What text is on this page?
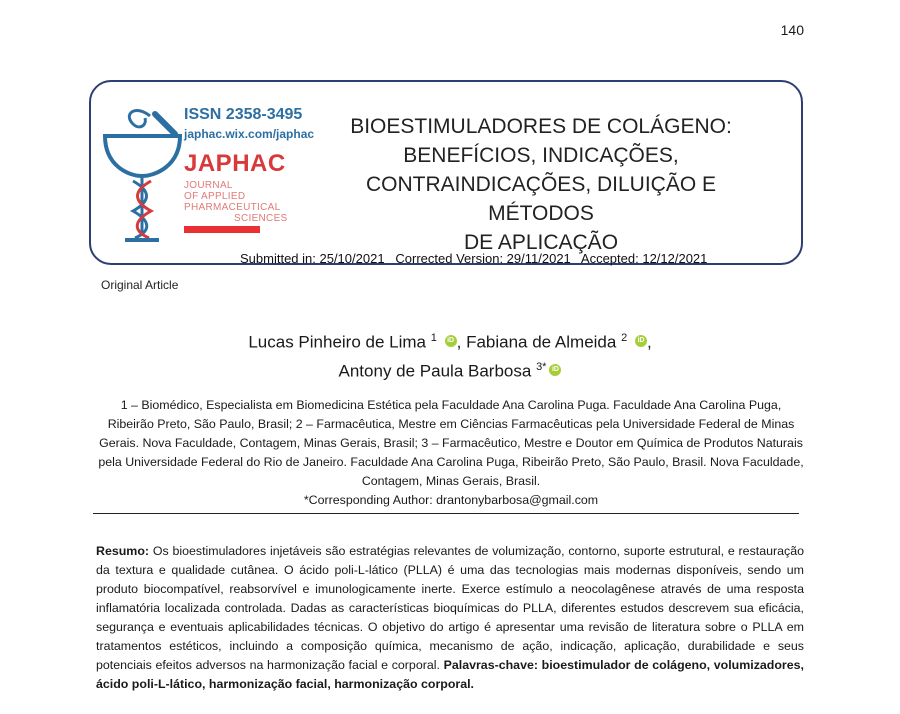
140
ISSN 2358-3495
japhac.wix.com/japhac
JAPHAC
JOURNAL
OF APPLIED
PHARMACEUTICAL
SCIENCES
BIOESTIMULADORES DE COLÁGENO:
BENEFÍCIOS, INDICAÇÕES,
CONTRAINDICAÇÕES, DILUIÇÃO E MÉTODOS
DE APLICAÇÃO
Submitted in: 25/10/2021 Corrected Version: 29/11/2021 Accepted: 12/12/2021
Original Article
Lucas Pinheiro de Lima $^1$ iD , Fabiana de Almeida $^2$ iD ,
Antony de Paula Barbosa $^{3*}$ iD
1 – Biomédico, Especialista em Biomedicina Estética pela Faculdade Ana Carolina Puga. Faculdade Ana Carolina Puga, Ribeirão Preto, São Paulo, Brasil; 2 – Farmacêutica, Mestre em Ciências Farmacêuticas pela Universidade Federal de Minas Gerais. Nova Faculdade, Contagem, Minas Gerais, Brasil; 3 – Farmacêutico, Mestre e Doutor em Química de Produtos Naturais pela Universidade Federal do Rio de Janeiro. Faculdade Ana Carolina Puga, Ribeirão Preto, São Paulo, Brasil. Nova Faculdade, Contagem, Minas Gerais, Brasil.
*Corresponding Author: drantonybarbosa@gmail.com
Resumo: Os bioestimuladores injetáveis são estratégias relevantes de volumização, contorno, suporte estrutural, e restauração da textura e qualidade cutânea. O ácido poli-L-lático (PLLA) é uma das tecnologias mais modernas disponíveis, sendo um produto biocompatível, reabsorvível e imunologicamente inerte. Exerce estímulo a neocolagênese através de uma resposta inflamatória localizada controlada. Dadas as características bioquímicas do PLLA, diferentes estudos descrevem sua eficácia, segurança e eventuais aplicabilidades técnicas. O objetivo do artigo é apresentar uma revisão de literatura sobre o PLLA em tratamentos estéticos, incluindo a composição química, mecanismo de ação, indicação, aplicação, durabilidade e seus potenciais efeitos adversos na harmonização facial e corporal. Palavras-chave: bioestimulador de colágeno, volumizadores, ácido poli-L-lático, harmonização facial, harmonização corporal.
